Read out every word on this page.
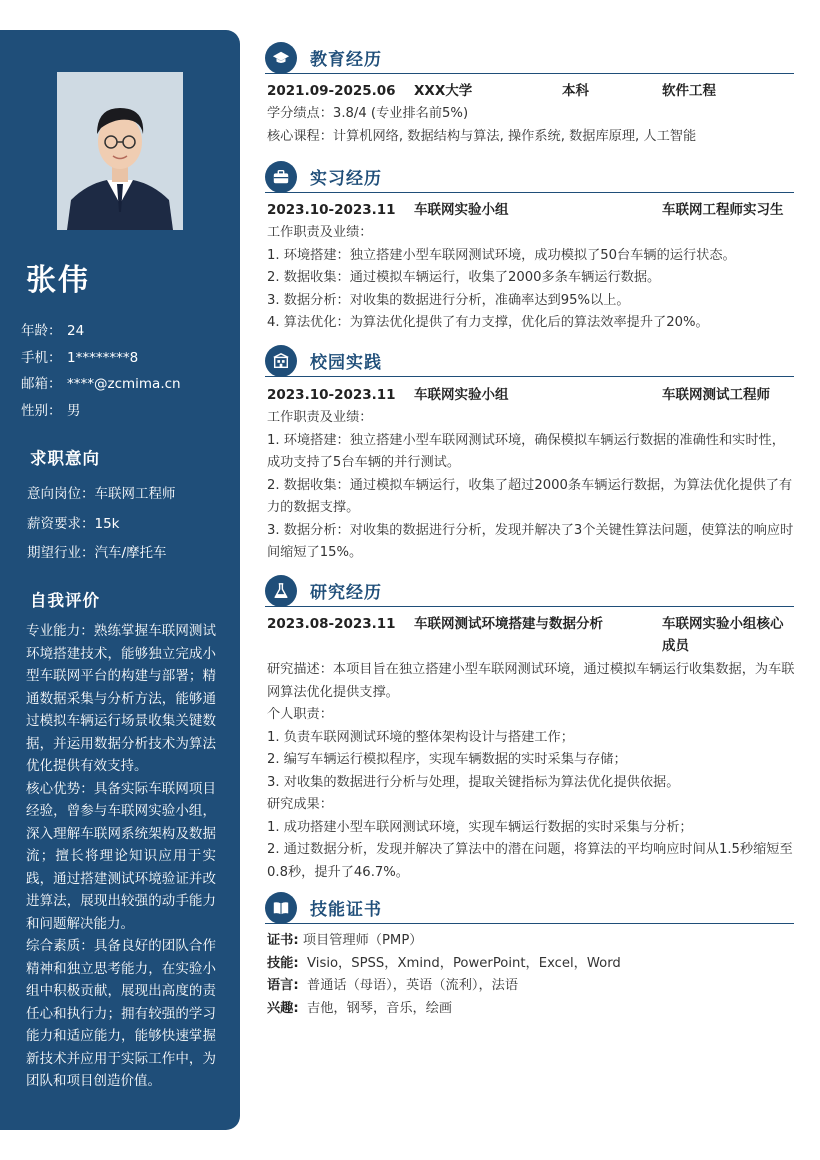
张伟
年龄： 24
手机： 1********8
邮箱： ****@zcmima.cn
性别： 男
求职意向
意向岗位：车联网工程师
薪资要求：15k
期望行业：汽车/摩托车
自我评价
专业能力：熟练掌握车联网测试环境搭建技术，能够独立完成小型车联网平台的构建与部署；精通数据采集与分析方法，能够通过模拟车辆运行场景收集关键数据，并运用数据分析技术为算法优化提供有效支持。
核心优势：具备实际车联网项目经验，曾参与车联网实验小组，深入理解车联网系统架构及数据流；擅长将理论知识应用于实践，通过搭建测试环境验证并改进算法，展现出较强的动手能力和问题解决能力。
综合素质：具备良好的团队合作精神和独立思考能力，在实验小组中积极贡献，展现出高度的责任心和执行力；拥有较强的学习能力和适应能力，能够快速掌握新技术并应用于实际工作中，为团队和项目创造价值。
教育经历
2021.09-2025.06 XXX大学	本科	软件工程
学分绩点：3.8/4 (专业排名前5%)
核心课程：计算机网络, 数据结构与算法, 操作系统, 数据库原理, 人工智能
实习经历
2023.10-2023.11 车联网实验小组	车联网工程师实习生
工作职责及业绩：
1. 环境搭建：独立搭建小型车联网测试环境，成功模拟了50台车辆的运行状态。
2. 数据收集：通过模拟车辆运行，收集了2000多条车辆运行数据。
3. 数据分析：对收集的数据进行分析，准确率达到95%以上。
4. 算法优化：为算法优化提供了有力支撑，优化后的算法效率提升了20%。
校园实践
2023.10-2023.11 车联网实验小组	车联网测试工程师
工作职责及业绩：
1. 环境搭建：独立搭建小型车联网测试环境，确保模拟车辆运行数据的准确性和实时性，成功支持了5台车辆的并行测试。
2. 数据收集：通过模拟车辆运行，收集了超过2000条车辆运行数据，为算法优化提供了有力的数据支撑。
3. 数据分析：对收集的数据进行分析，发现并解决了3个关键性算法问题，使算法的响应时间缩短了15%。
研究经历
2023.08-2023.11 车联网测试环境搭建与数据分析	车联网实验小组核心成员
研究描述：本项目旨在独立搭建小型车联网测试环境，通过模拟车辆运行收集数据，为车联网算法优化提供支撑。
个人职责：
1. 负责车联网测试环境的整体架构设计与搭建工作；
2. 编写车辆运行模拟程序，实现车辆数据的实时采集与存储；
3. 对收集的数据进行分析与处理，提取关键指标为算法优化提供依据。
研究成果：
1. 成功搭建小型车联网测试环境，实现车辆运行数据的实时采集与分析；
2. 通过数据分析，发现并解决了算法中的潜在问题，将算法的平均响应时间从1.5秒缩短至0.8秒，提升了46.7%。
技能证书
证书: 项目管理师（PMP）
技能: Visio，SPSS，Xmind，PowerPoint，Excel，Word
语言: 普通话（母语），英语（流利），法语
兴趣: 吉他，钢琴，音乐，绘画
